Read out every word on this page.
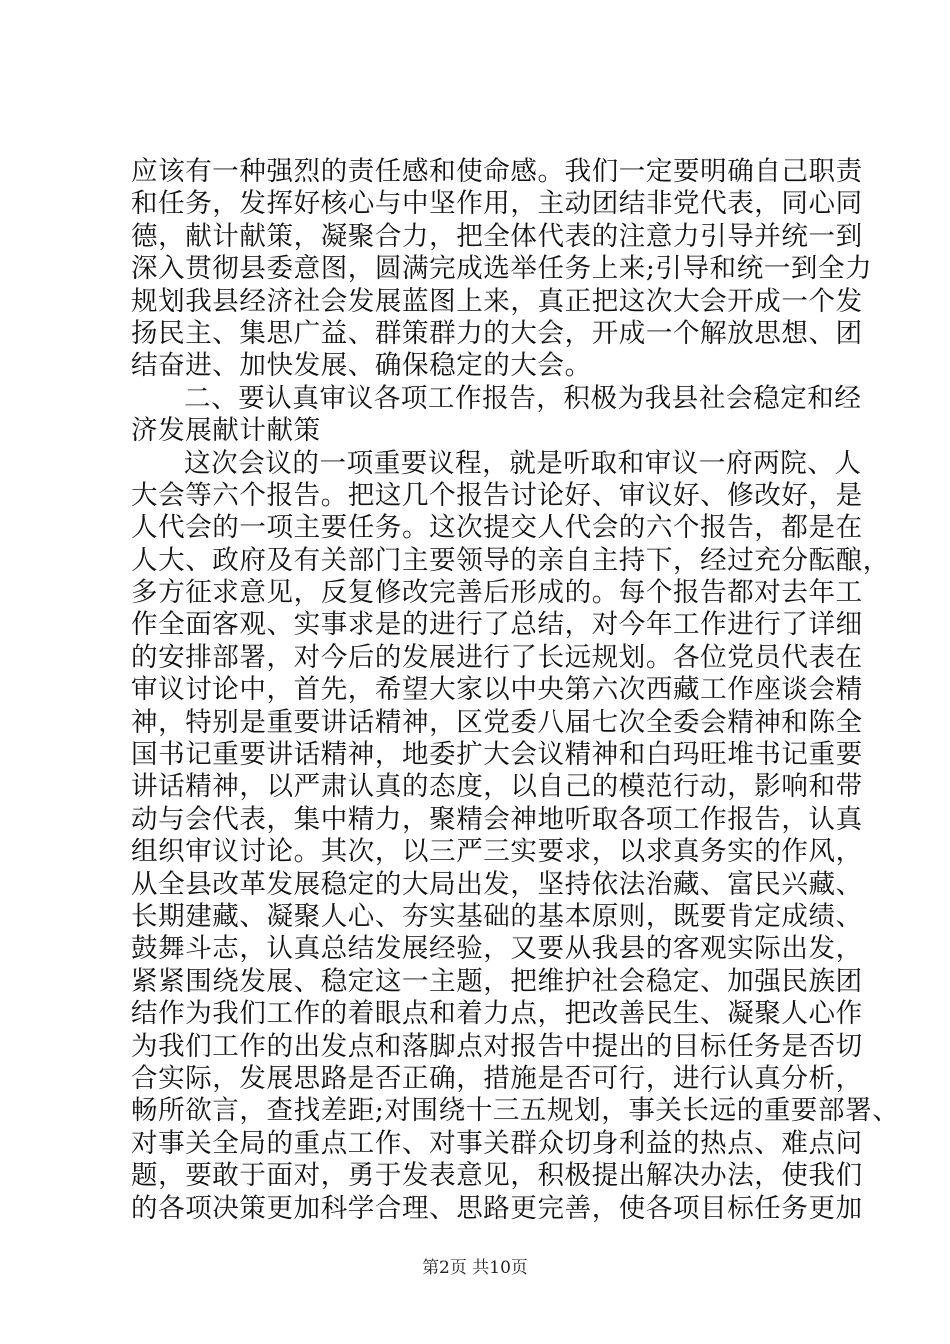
应该有一种强烈的责任感和使命感。我们一定要明确自己职责
和任务，发挥好核心与中坚作用，主动团结非党代表，同心同
德，献计献策，凝聚合力，把全体代表的注意力引导并统一到
深入贯彻县委意图，圆满完成选举任务上来;引导和统一到全力
规划我县经济社会发展蓝图上来，真正把这次大会开成一个发
扬民主、集思广益、群策群力的大会，开成一个解放思想、团
结奋进、加快发展、确保稳定的大会。
二、要认真审议各项工作报告，积极为我县社会稳定和经
济发展献计献策
这次会议的一项重要议程，就是听取和审议一府两院、人
大会等六个报告。把这几个报告讨论好、审议好、修改好，是
人代会的一项主要任务。这次提交人代会的六个报告，都是在
人大、政府及有关部门主要领导的亲自主持下，经过充分酝酿，
多方征求意见，反复修改完善后形成的。每个报告都对去年工
作全面客观、实事求是的进行了总结，对今年工作进行了详细
的安排部署，对今后的发展进行了长远规划。各位党员代表在
审议讨论中，首先，希望大家以中央第六次西藏工作座谈会精
神，特别是重要讲话精神，区党委八届七次全委会精神和陈全
国书记重要讲话精神，地委扩大会议精神和白玛旺堆书记重要
讲话精神，以严肃认真的态度，以自己的模范行动，影响和带
动与会代表，集中精力，聚精会神地听取各项工作报告，认真
组织审议讨论。其次，以三严三实要求，以求真务实的作风，
从全县改革发展稳定的大局出发，坚持依法治藏、富民兴藏、
长期建藏、凝聚人心、夯实基础的基本原则，既要肯定成绩、
鼓舞斗志，认真总结发展经验，又要从我县的客观实际出发，
紧紧围绕发展、稳定这一主题，把维护社会稳定、加强民族团
结作为我们工作的着眼点和着力点，把改善民生、凝聚人心作
为我们工作的出发点和落脚点对报告中提出的目标任务是否切
合实际，发展思路是否正确，措施是否可行，进行认真分析，
畅所欲言，查找差距;对围绕十三五规划，事关长远的重要部署、
对事关全局的重点工作、对事关群众切身利益的热点、难点问
题，要敢于面对，勇于发表意见，积极提出解决办法，使我们
的各项决策更加科学合理、思路更完善，使各项目标任务更加
第2页 共10页
